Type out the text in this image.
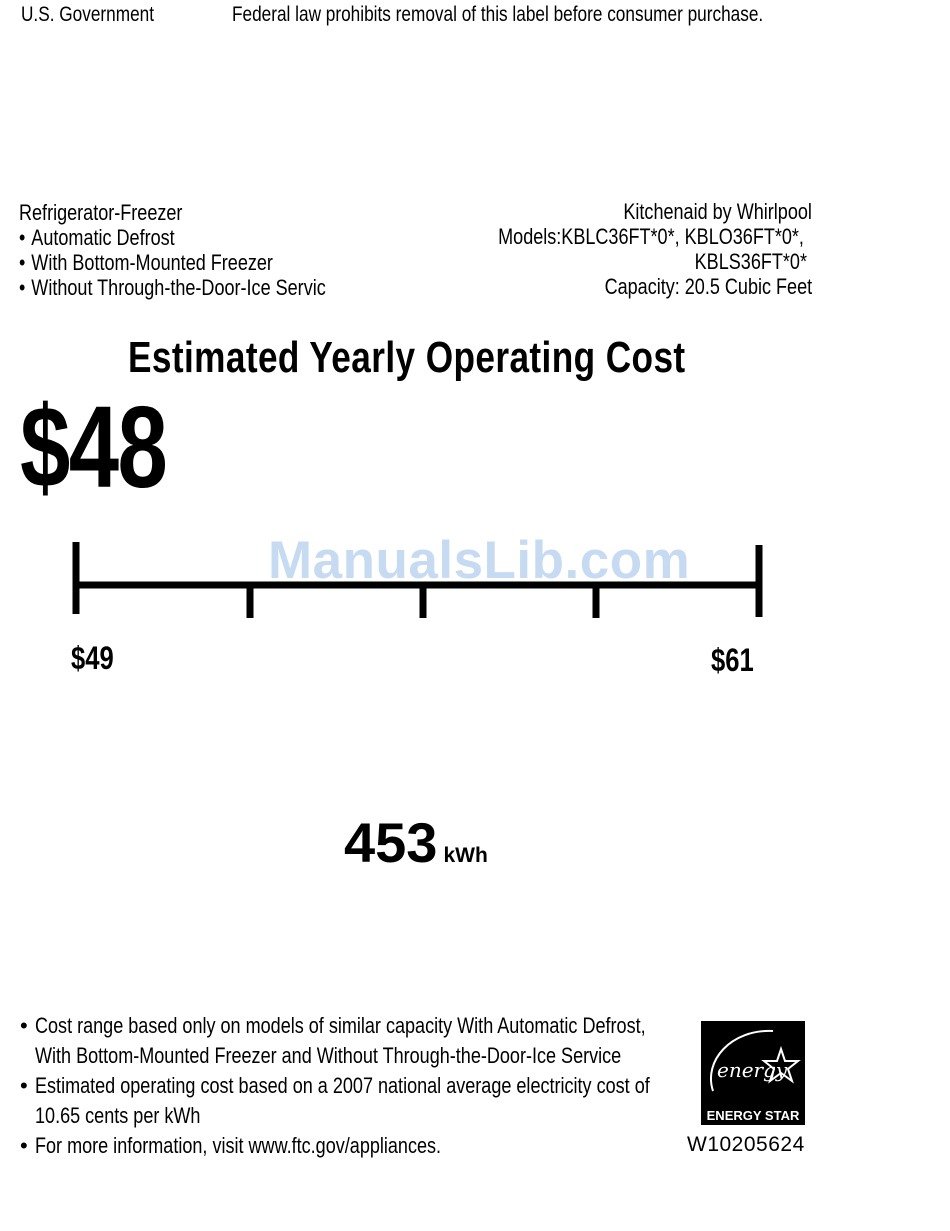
U.S. Government	Federal law prohibits removal of this label before consumer purchase.
Refrigerator-Freezer
• Automatic Defrost
• With Bottom-Mounted Freezer
• Without Through-the-Door-Ice Servic
Kitchenaid by Whirlpool
Models:KBLC36FT*0*, KBLO36FT*0*,
KBLS36FT*0*
Capacity: 20.5 Cubic Feet
Estimated Yearly Operating Cost
$48
ManualsLib.com
$49	$61
453 kWh
• Cost range based only on models of similar capacity With Automatic Defrost, With Bottom-Mounted Freezer and Without Through-the-Door-Ice Service
• Estimated operating cost based on a 2007 national average electricity cost of 10.65 cents per kWh
• For more information, visit www.ftc.gov/appliances.
energy
ENERGY STAR
W10205624
